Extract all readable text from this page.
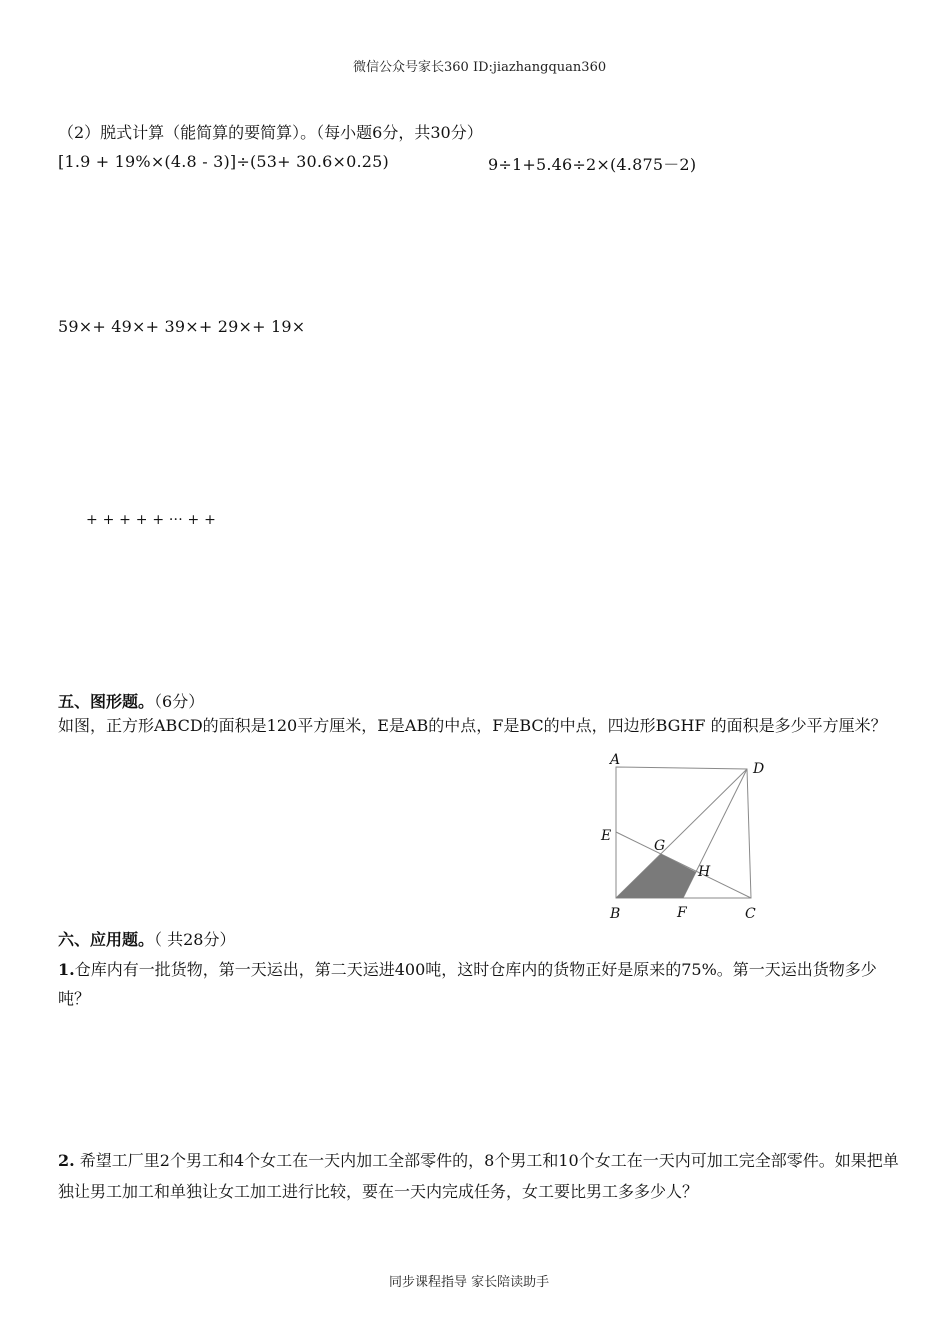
微信公众号家长360 ID:jiazhangquan360
（2）脱式计算（能简算的要简算）。（每小题6分，共30分）
[1.9 + 19%×(4.8 - 3)]÷(53+ 30.6×0.25)	9÷1+5.46÷2×(4.875－2)
59×+ 49×+ 39×+ 29×+ 19×
+ + + + + ··· + +
五、图形题。（6分）
如图，正方形ABCD的面积是120平方厘米，E是AB的中点，F是BC的中点，四边形BGHF 的面积是多少平方厘米？
A
D
E
G
H
B	F	C
六、应用题。（ 共28分）
1.仓库内有一批货物，第一天运出，第二天运进400吨，这时仓库内的货物正好是原来的75%。第一天运出货物多少吨？
2. 希望工厂里2个男工和4个女工在一天内加工全部零件的，8个男工和10个女工在一天内可加工完全部零件。如果把单独让男工加工和单独让女工加工进行比较，要在一天内完成任务，女工要比男工多多少人？
同步课程指导 家长陪读助手
